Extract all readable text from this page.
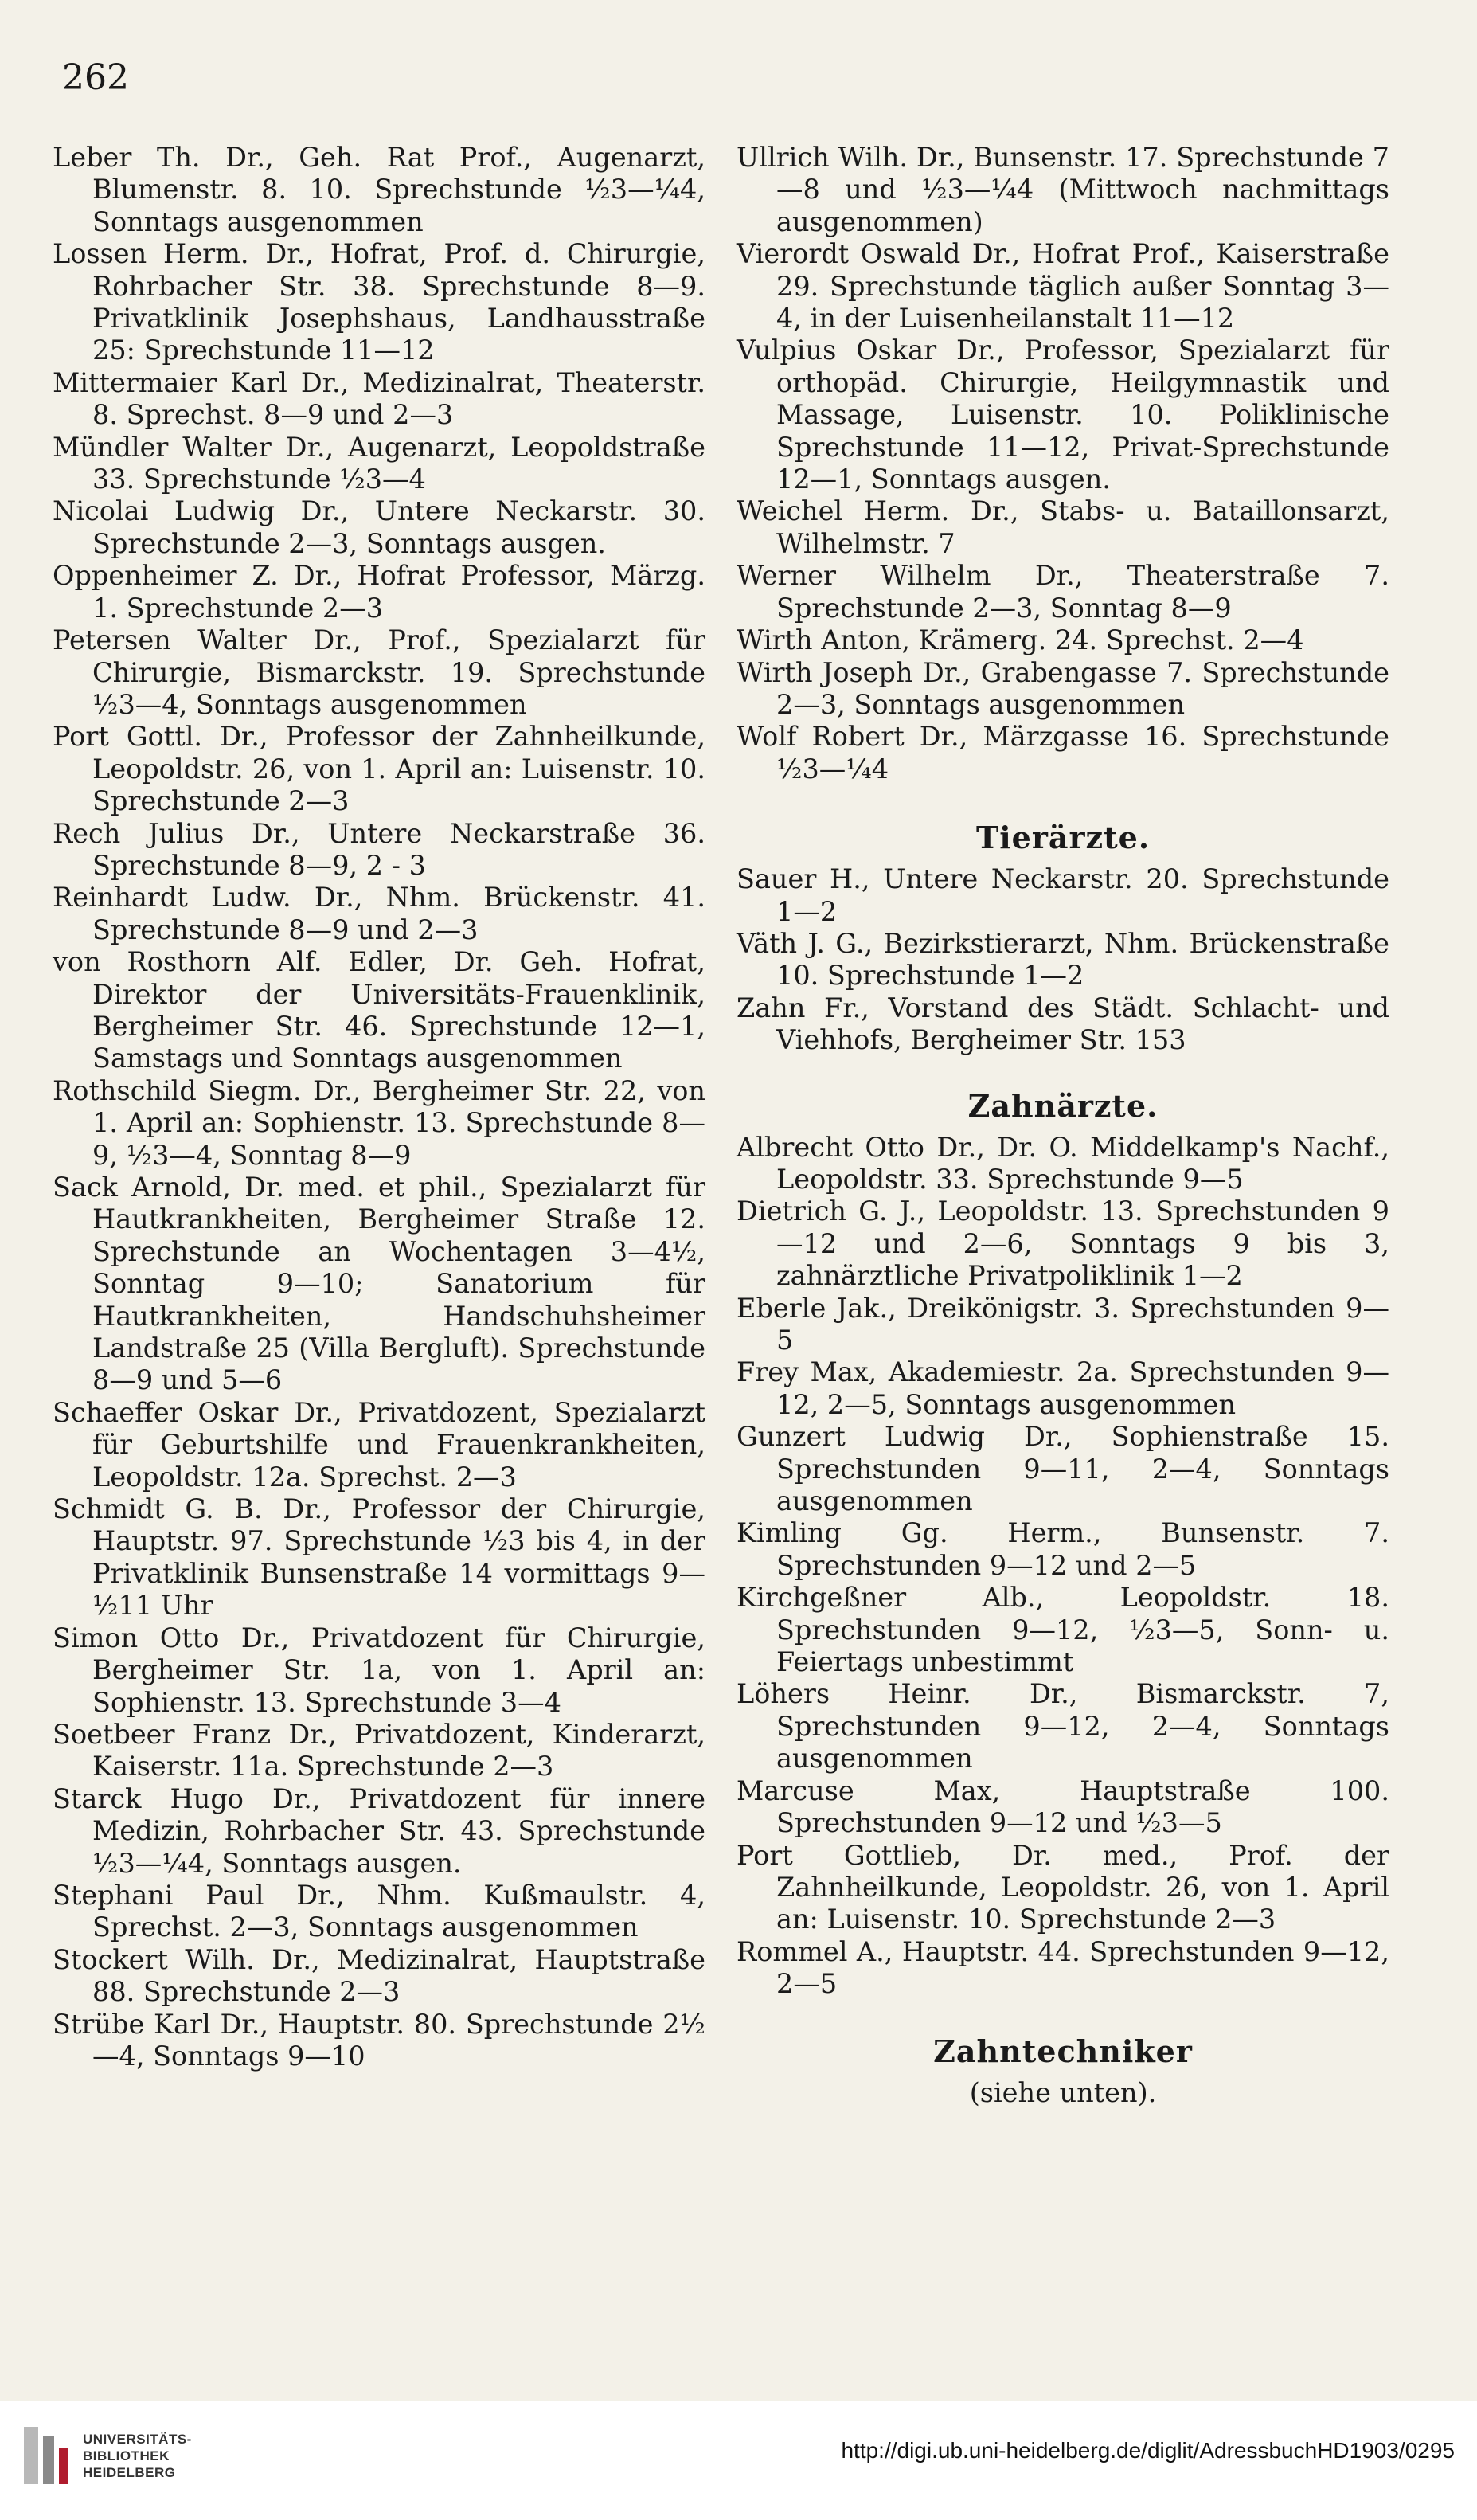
262
Leber Th. Dr., Geh. Rat Prof., Augenarzt, Blumenstr. 8. 10. Sprechstunde ½3—¼4, Sonntags ausgenommen
Lossen Herm. Dr., Hofrat, Prof. d. Chirurgie, Rohrbacher Str. 38. Sprechstunde 8—9. Privatklinik Josephshaus, Landhausstraße 25: Sprechstunde 11—12
Mittermaier Karl Dr., Medizinalrat, Theaterstr. 8. Sprechst. 8—9 und 2—3
Mündler Walter Dr., Augenarzt, Leopoldstraße 33. Sprechstunde ½3—4
Nicolai Ludwig Dr., Untere Neckarstr. 30. Sprechstunde 2—3, Sonntags ausgen.
Oppenheimer Z. Dr., Hofrat Professor, Märzg. 1. Sprechstunde 2—3
Petersen Walter Dr., Prof., Spezialarzt für Chirurgie, Bismarckstr. 19. Sprechstunde ½3—4, Sonntags ausgenommen
Port Gottl. Dr., Professor der Zahnheilkunde, Leopoldstr. 26, von 1. April an: Luisenstr. 10. Sprechstunde 2—3
Rech Julius Dr., Untere Neckarstraße 36. Sprechstunde 8—9, 2 - 3
Reinhardt Ludw. Dr., Nhm. Brückenstr. 41. Sprechstunde 8—9 und 2—3
von Rosthorn Alf. Edler, Dr. Geh. Hofrat, Direktor der Universitäts-Frauenklinik, Bergheimer Str. 46. Sprechstunde 12—1, Samstags und Sonntags ausgenommen
Rothschild Siegm. Dr., Bergheimer Str. 22, von 1. April an: Sophienstr. 13. Sprechstunde 8—9, ½3—4, Sonntag 8—9
Sack Arnold, Dr. med. et phil., Spezialarzt für Hautkrankheiten, Bergheimer Straße 12. Sprechstunde an Wochentagen 3—4½, Sonntag 9—10; Sanatorium für Hautkrankheiten, Handschuhsheimer Landstraße 25 (Villa Bergluft). Sprechstunde 8—9 und 5—6
Schaeffer Oskar Dr., Privatdozent, Spezialarzt für Geburtshilfe und Frauenkrankheiten, Leopoldstr. 12a. Sprechst. 2—3
Schmidt G. B. Dr., Professor der Chirurgie, Hauptstr. 97. Sprechstunde ½3 bis 4, in der Privatklinik Bunsenstraße 14 vormittags 9—½11 Uhr
Simon Otto Dr., Privatdozent für Chirurgie, Bergheimer Str. 1a, von 1. April an: Sophienstr. 13. Sprechstunde 3—4
Soetbeer Franz Dr., Privatdozent, Kinderarzt, Kaiserstr. 11a. Sprechstunde 2—3
Starck Hugo Dr., Privatdozent für innere Medizin, Rohrbacher Str. 43. Sprechstunde ½3—¼4, Sonntags ausgen.
Stephani Paul Dr., Nhm. Kußmaulstr. 4, Sprechst. 2—3, Sonntags ausgenommen
Stockert Wilh. Dr., Medizinalrat, Hauptstraße 88. Sprechstunde 2—3
Strübe Karl Dr., Hauptstr. 80. Sprechstunde 2½—4, Sonntags 9—10
Ullrich Wilh. Dr., Bunsenstr. 17. Sprechstunde 7—8 und ½3—¼4 (Mittwoch nachmittags ausgenommen)
Vierordt Oswald Dr., Hofrat Prof., Kaiserstraße 29. Sprechstunde täglich außer Sonntag 3—4, in der Luisenheilanstalt 11—12
Vulpius Oskar Dr., Professor, Spezialarzt für orthopäd. Chirurgie, Heilgymnastik und Massage, Luisenstr. 10. Poliklinische Sprechstunde 11—12, Privat-Sprechstunde 12—1, Sonntags ausgen.
Weichel Herm. Dr., Stabs- u. Bataillonsarzt, Wilhelmstr. 7
Werner Wilhelm Dr., Theaterstraße 7. Sprechstunde 2—3, Sonntag 8—9
Wirth Anton, Krämerg. 24. Sprechst. 2—4
Wirth Joseph Dr., Grabengasse 7. Sprechstunde 2—3, Sonntags ausgenommen
Wolf Robert Dr., Märzgasse 16. Sprechstunde ½3—¼4
Tierärzte.
Sauer H., Untere Neckarstr. 20. Sprechstunde 1—2
Väth J. G., Bezirkstierarzt, Nhm. Brückenstraße 10. Sprechstunde 1—2
Zahn Fr., Vorstand des Städt. Schlacht- und Viehhofs, Bergheimer Str. 153
Zahnärzte.
Albrecht Otto Dr., Dr. O. Middelkamp's Nachf., Leopoldstr. 33. Sprechstunde 9—5
Dietrich G. J., Leopoldstr. 13. Sprechstunden 9—12 und 2—6, Sonntags 9 bis 3, zahnärztliche Privatpoliklinik 1—2
Eberle Jak., Dreikönigstr. 3. Sprechstunden 9—5
Frey Max, Akademiestr. 2a. Sprechstunden 9—12, 2—5, Sonntags ausgenommen
Gunzert Ludwig Dr., Sophienstraße 15. Sprechstunden 9—11, 2—4, Sonntags ausgenommen
Kimling Gg. Herm., Bunsenstr. 7. Sprechstunden 9—12 und 2—5
Kirchgeßner Alb., Leopoldstr. 18. Sprechstunden 9—12, ½3—5, Sonn- u. Feiertags unbestimmt
Löhers Heinr. Dr., Bismarckstr. 7, Sprechstunden 9—12, 2—4, Sonntags ausgenommen
Marcuse Max, Hauptstraße 100. Sprechstunden 9—12 und ½3—5
Port Gottlieb, Dr. med., Prof. der Zahnheilkunde, Leopoldstr. 26, von 1. April an: Luisenstr. 10. Sprechstunde 2—3
Rommel A., Hauptstr. 44. Sprechstunden 9—12, 2—5
Zahntechniker
(siehe unten).
UNIVERSITÄTS-
BIBLIOTHEK
HEIDELBERG
http://digi.ub.uni-heidelberg.de/diglit/AdressbuchHD1903/0295
